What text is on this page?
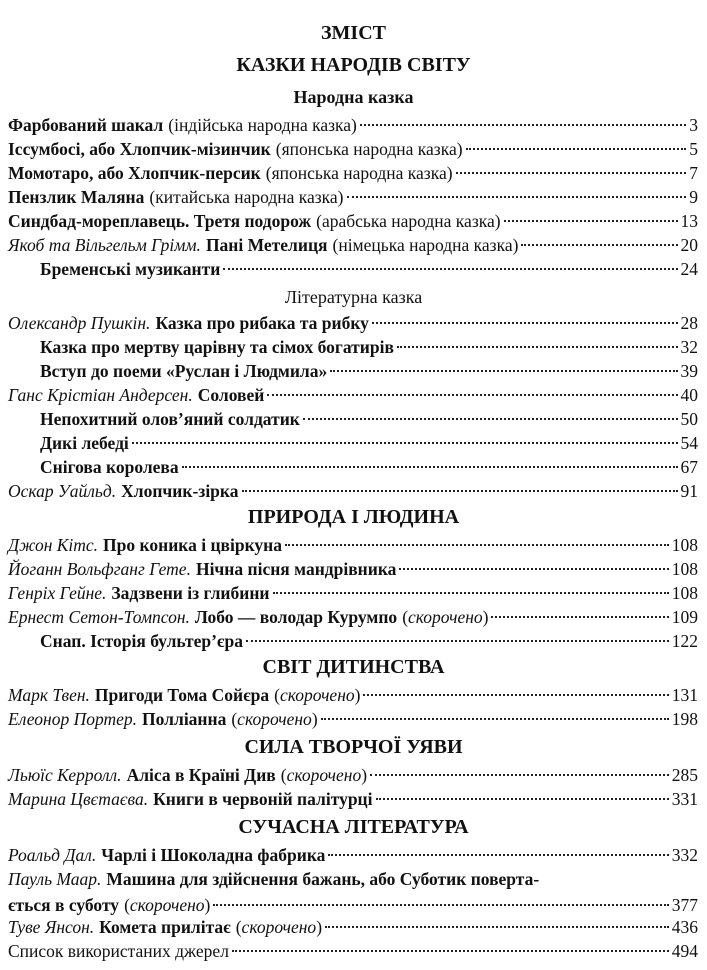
ЗМІСТ
КАЗКИ НАРОДІВ СВІТУ
Народна казка
Фарбований шакал (індійська народна казка)	3
Іссумбосі, або Хлопчик-мізинчик (японська народна казка)	5
Момотаро, або Хлопчик-персик (японська народна казка)	7
Пензлик Маляна (китайська народна казка)	9
Синдбад-мореплавець. Третя подорож (арабська народна казка)	13
Якоб та Вільгельм Грімм. Пані Метелиця (німецька народна казка)	20
Бременські музиканти	24
Літературна казка
Олександр Пушкін. Казка про рибака та рибку	28
Казка про мертву царівну та сімох богатирів	32
Вступ до поеми «Руслан і Людмила»	39
Ганс Крістіан Андерсен. Соловей	40
Непохитний олов’яний солдатик	50
Дикі лебеді	54
Снігова королева	67
Оскар Уайльд. Хлопчик-зірка	91
ПРИРОДА І ЛЮДИНА
Джон Кітс. Про коника і цвіркуна	108
Йоганн Вольфганг Гете. Нічна пісня мандрівника	108
Генріх Гейне. Задзвени із глибини	108
Ернест Сетон-Томпсон. Лобо — володар Курумпо (скорочено)	109
Снап. Історія бультер’єра	122
СВІТ ДИТИНСТВА
Марк Твен. Пригоди Тома Сойєра (скорочено)	131
Елеонор Портер. Полліанна (скорочено)	198
СИЛА ТВОРЧОЇ УЯВИ
Льюїс Керролл. Аліса в Країні Див (скорочено)	285
Марина Цвєтаєва. Книги в червоній палітурці	331
СУЧАСНА ЛІТЕРАТУРА
Роальд Дал. Чарлі і Шоколадна фабрика	332
Пауль Маар. Машина для здійснення бажань, або Суботик поверта-
ється в суботу (скорочено)	377
Туве Янсон. Комета прилітає (скорочено)	436
Список використаних джерел	494
